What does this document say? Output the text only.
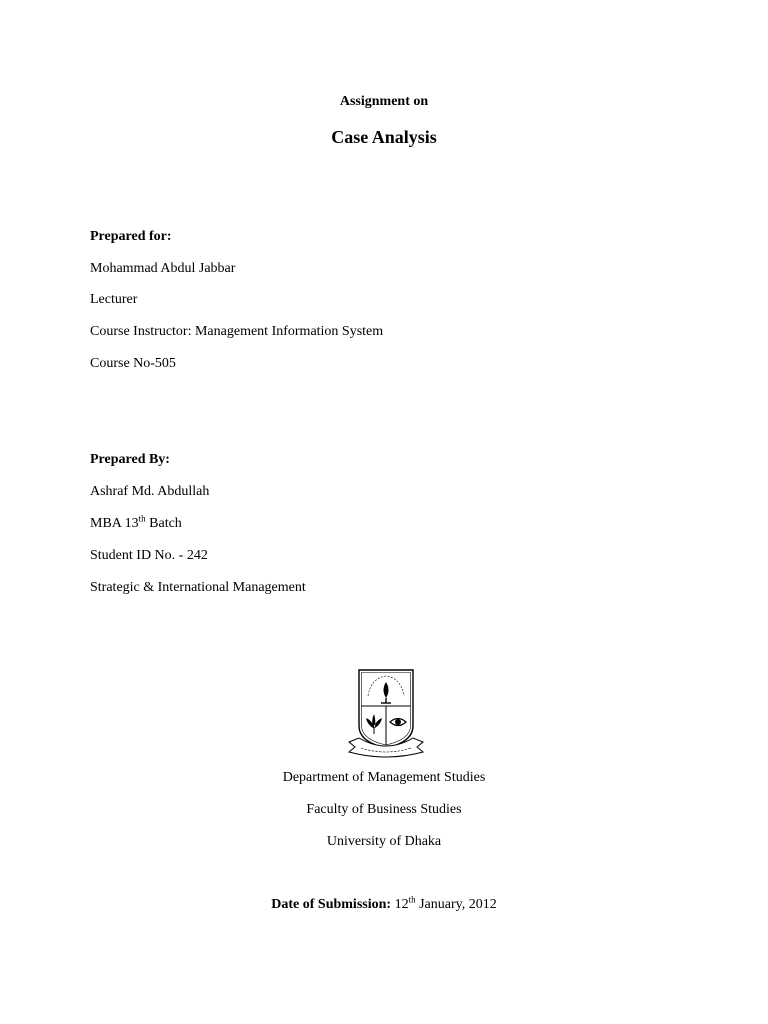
Assignment on
Case Analysis
Prepared for:
Mohammad Abdul Jabbar
Lecturer
Course Instructor: Management Information System
Course No-505
Prepared By:
Ashraf Md. Abdullah
MBA 13th Batch
Student ID No. - 242
Strategic & International Management
Department of Management Studies
Faculty of Business Studies
University of Dhaka
Date of Submission: 12th January, 2012
